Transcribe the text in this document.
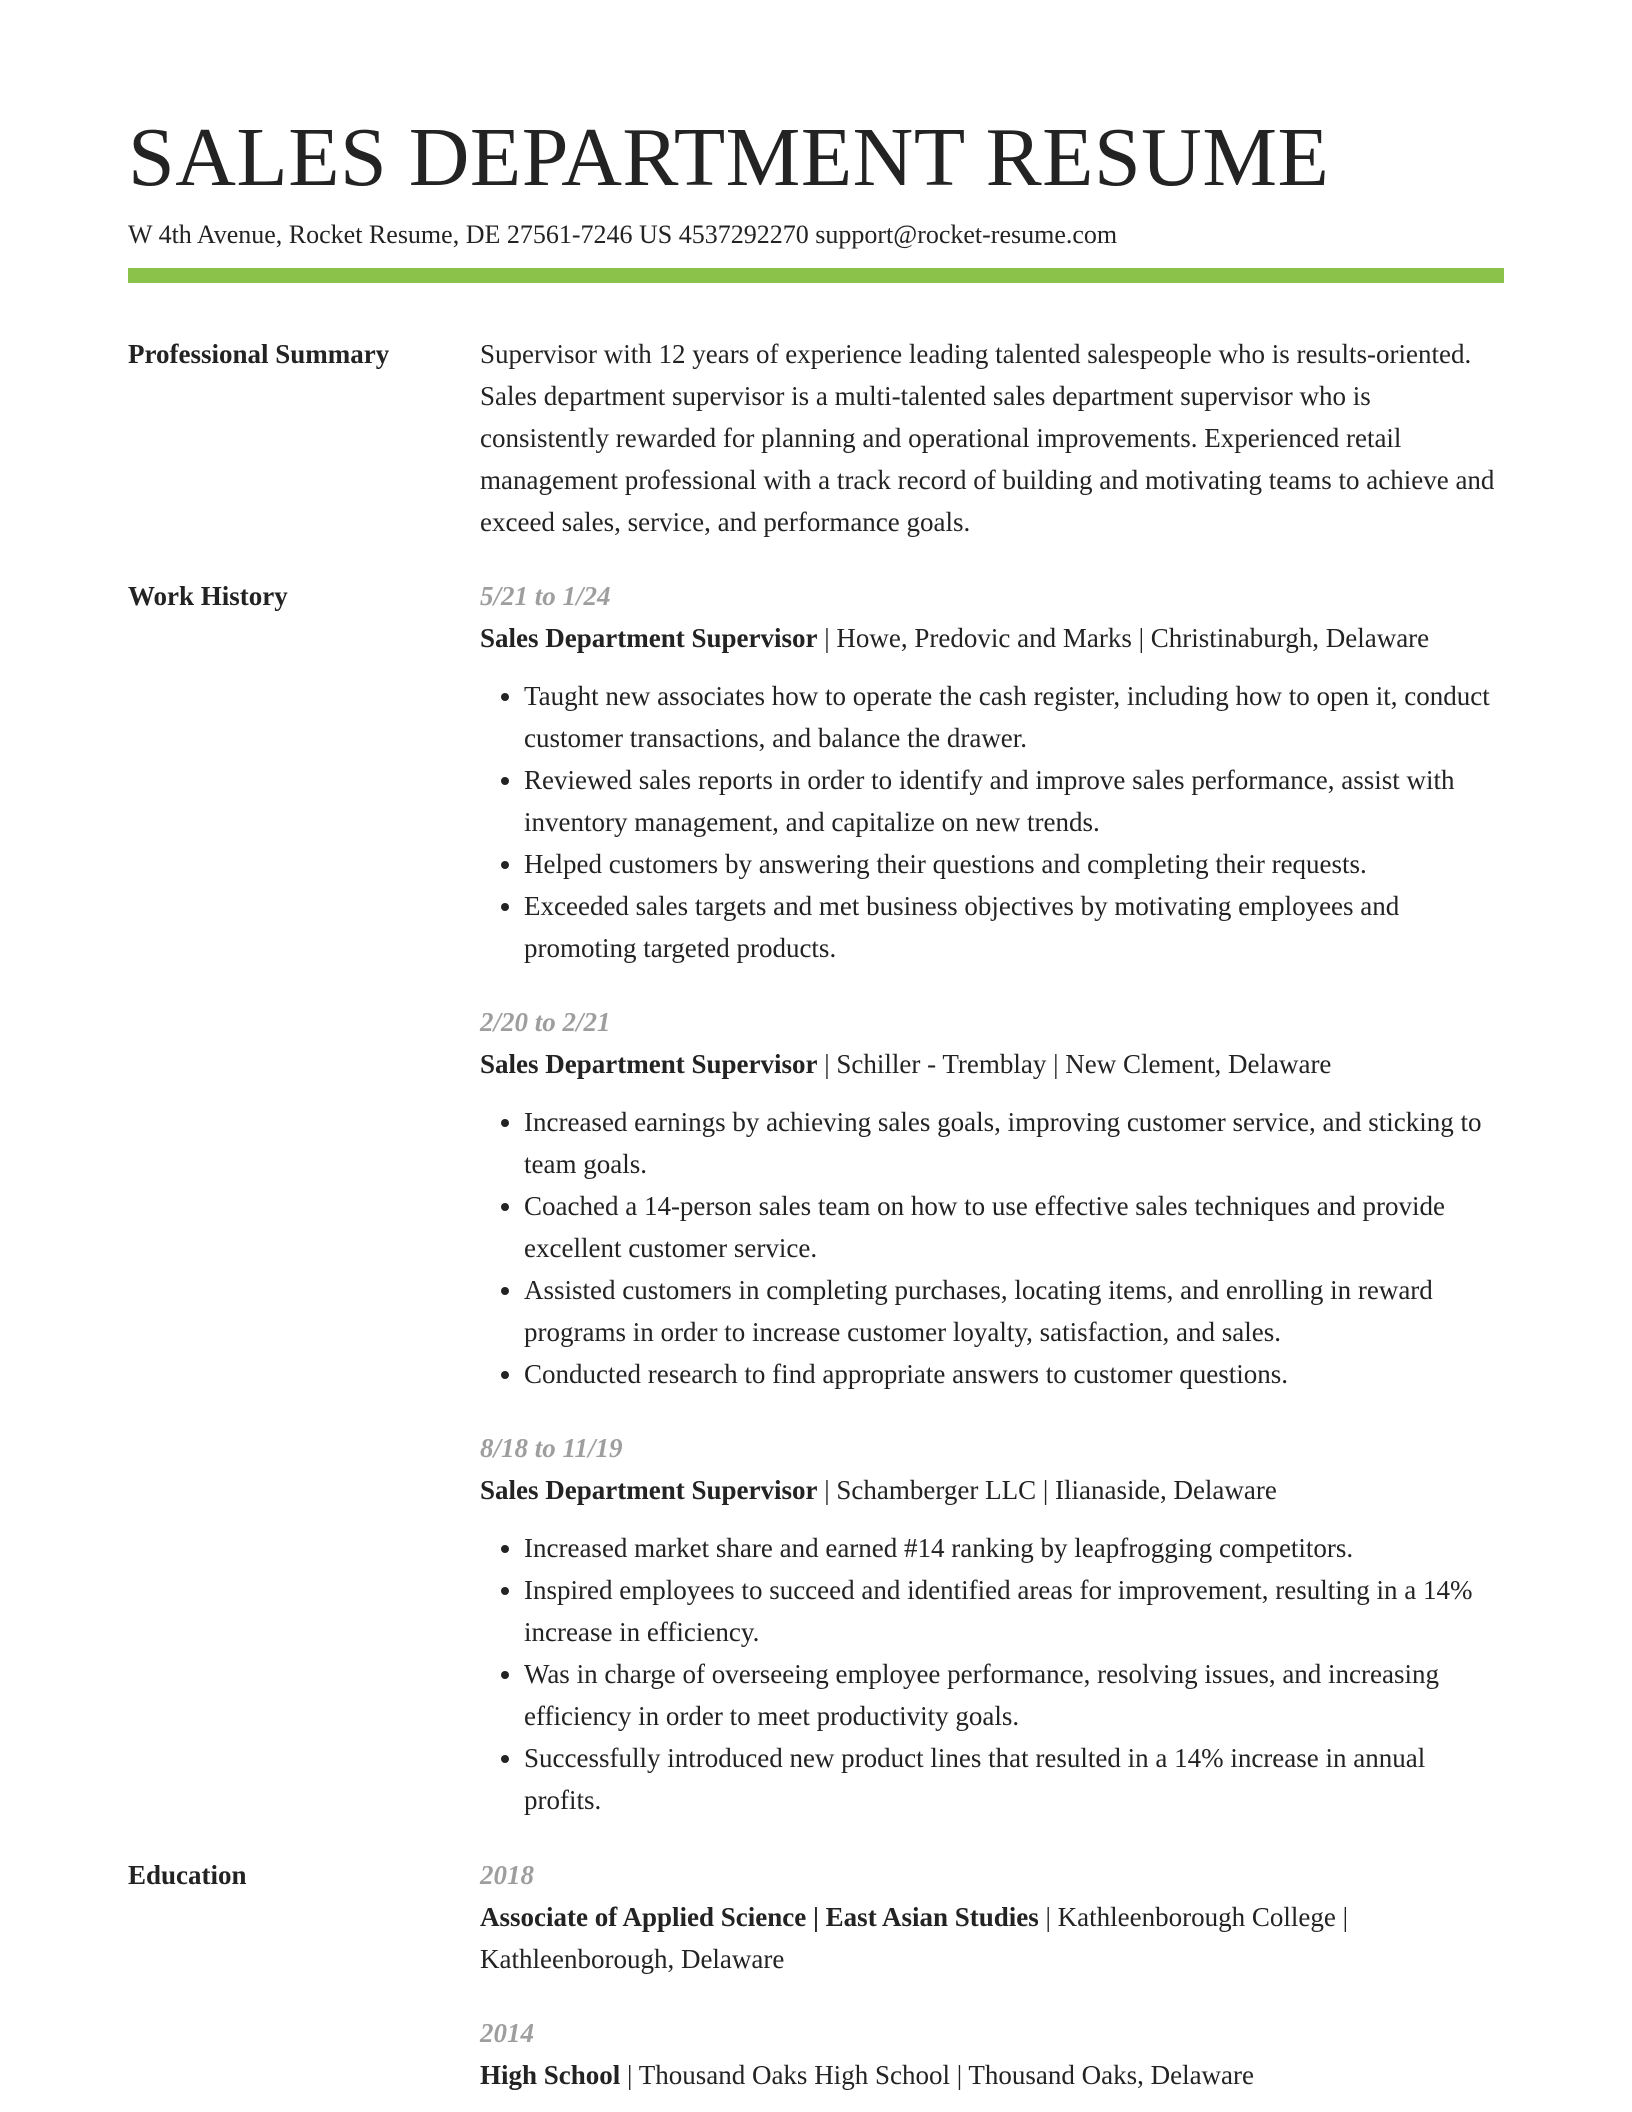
SALES DEPARTMENT RESUME
W 4th Avenue, Rocket Resume, DE 27561-7246 US 4537292270 support@rocket-resume.com
Professional Summary	Supervisor with 12 years of experience leading talented salespeople who is results-oriented. Sales department supervisor is a multi-talented sales department supervisor who is consistently rewarded for planning and operational improvements. Experienced retail management professional with a track record of building and motivating teams to achieve and exceed sales, service, and performance goals.
Work History	5/21 to 1/24
Sales Department Supervisor | Howe, Predovic and Marks | Christinaburgh, Delaware
• Taught new associates how to operate the cash register, including how to open it, conduct customer transactions, and balance the drawer.
• Reviewed sales reports in order to identify and improve sales performance, assist with inventory management, and capitalize on new trends.
• Helped customers by answering their questions and completing their requests.
• Exceeded sales targets and met business objectives by motivating employees and promoting targeted products.
2/20 to 2/21
Sales Department Supervisor | Schiller - Tremblay | New Clement, Delaware
• Increased earnings by achieving sales goals, improving customer service, and sticking to team goals.
• Coached a 14-person sales team on how to use effective sales techniques and provide excellent customer service.
• Assisted customers in completing purchases, locating items, and enrolling in reward programs in order to increase customer loyalty, satisfaction, and sales.
• Conducted research to find appropriate answers to customer questions.
8/18 to 11/19
Sales Department Supervisor | Schamberger LLC | Ilianaside, Delaware
• Increased market share and earned #14 ranking by leapfrogging competitors.
• Inspired employees to succeed and identified areas for improvement, resulting in a 14% increase in efficiency.
• Was in charge of overseeing employee performance, resolving issues, and increasing efficiency in order to meet productivity goals.
• Successfully introduced new product lines that resulted in a 14% increase in annual profits.
Education	2018
Associate of Applied Science | East Asian Studies | Kathleenborough College | Kathleenborough, Delaware
2014
High School | Thousand Oaks High School | Thousand Oaks, Delaware
